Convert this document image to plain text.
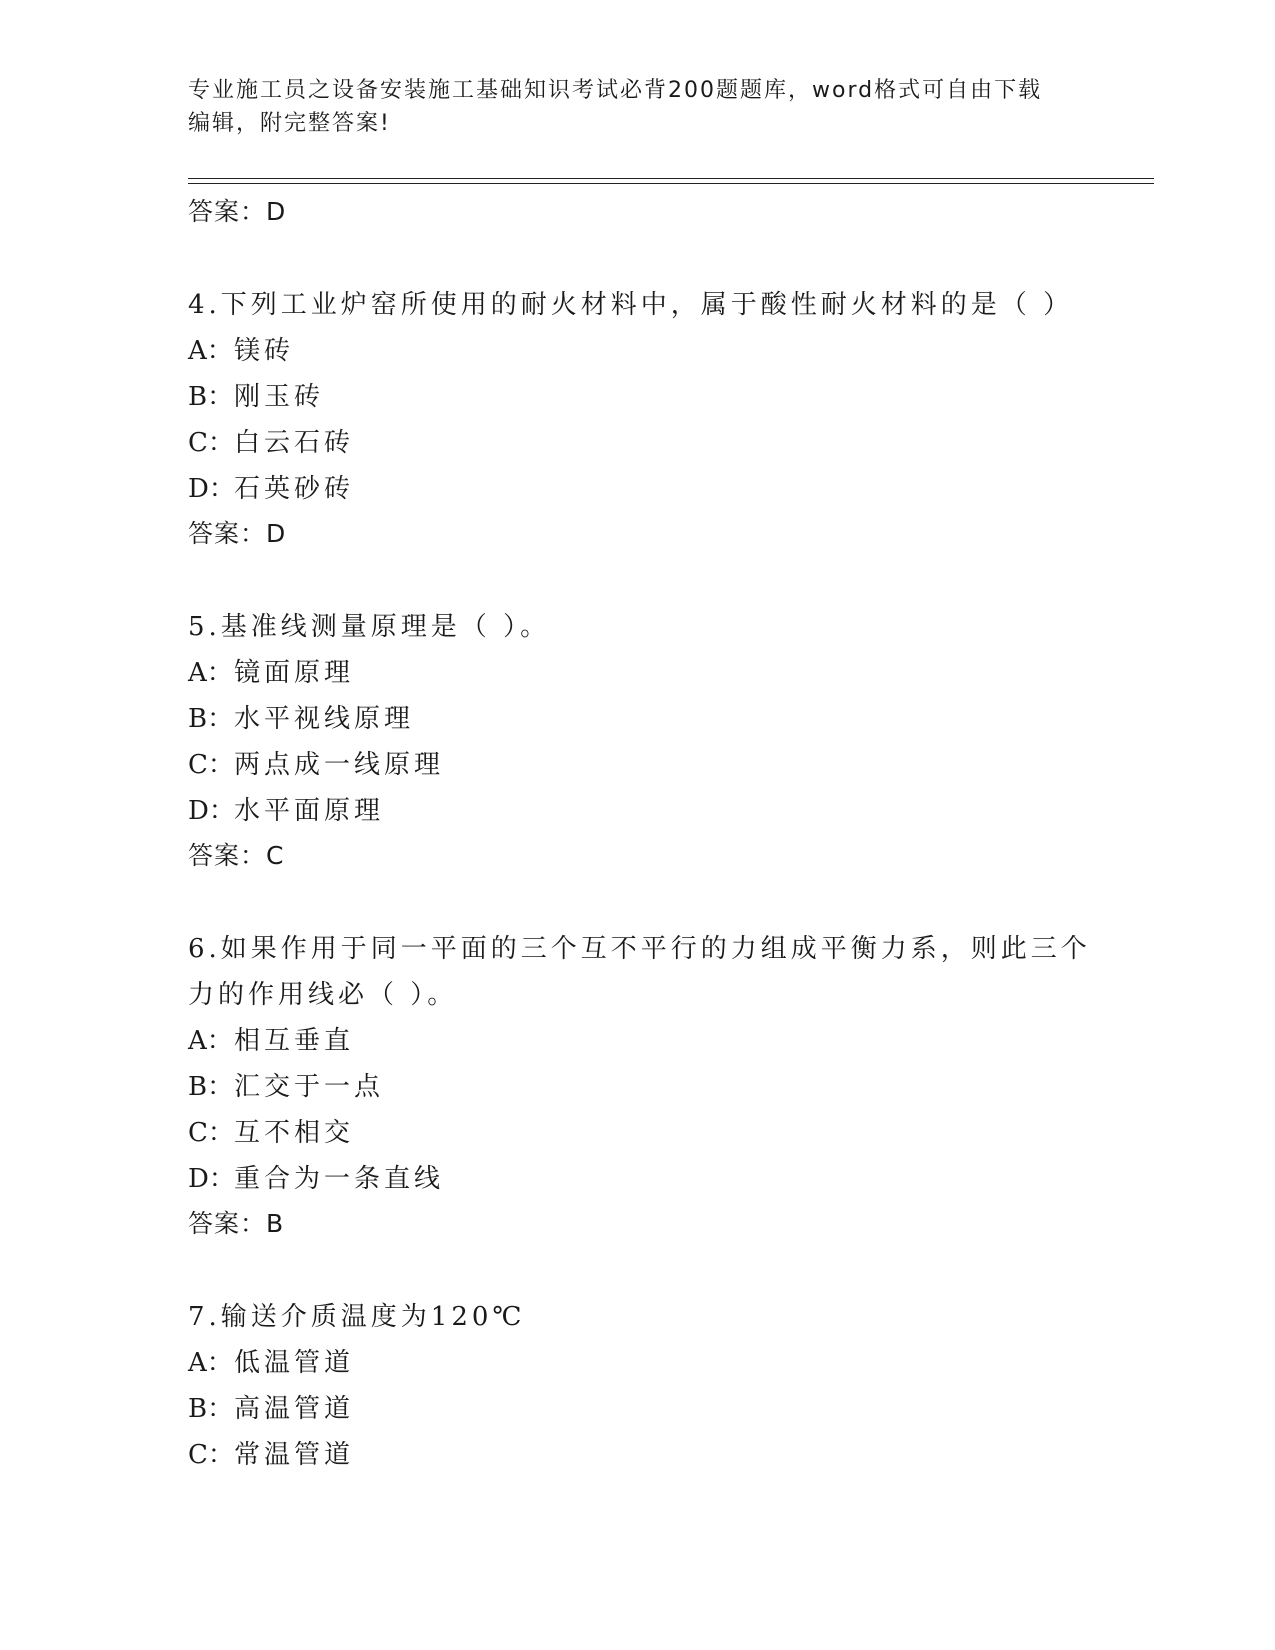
专业施工员之设备安装施工基础知识考试必背200题题库，word格式可自由下载
编辑，附完整答案!
答案：D
4.下列工业炉窑所使用的耐火材料中，属于酸性耐火材料的是（ ）
A：镁砖
B：刚玉砖
C：白云石砖
D：石英砂砖
答案：D
5.基准线测量原理是（ ）。
A：镜面原理
B：水平视线原理
C：两点成一线原理
D：水平面原理
答案：C
6.如果作用于同一平面的三个互不平行的力组成平衡力系，则此三个
力的作用线必（ ）。
A：相互垂直
B：汇交于一点
C：互不相交
D：重合为一条直线
答案：B
7.输送介质温度为120℃
A：低温管道
B：高温管道
C：常温管道
